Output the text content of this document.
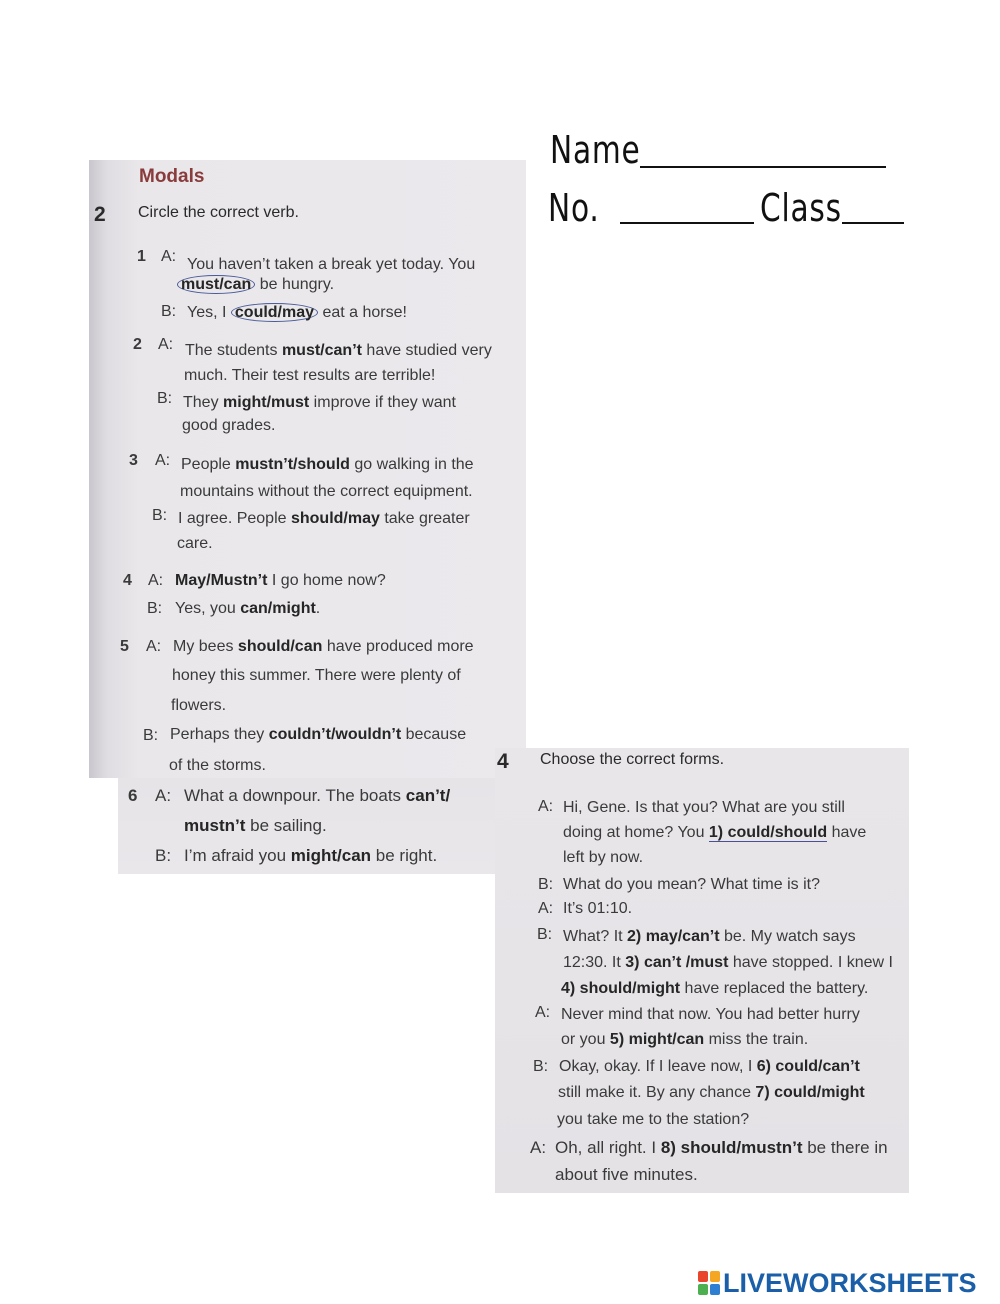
Name
No.	Class
Modals
2 Circle the correct verb.
1 A: You haven’t taken a break yet today. You
must/can be hungry.
B: Yes, I could/may eat a horse!
2 A: The students must/can’t have studied very
much. Their test results are terrible!
B: They might/must improve if they want
good grades.
3 A: People mustn’t/should go walking in the
mountains without the correct equipment.
B: I agree. People should/may take greater
care.
4 A: May/Mustn’t I go home now?
B: Yes, you can/might.
5 A: My bees should/can have produced more
honey this summer. There were plenty of
flowers.
B: Perhaps they couldn’t/wouldn’t because
of the storms.
6 A: What a downpour. The boats can’t/
mustn’t be sailing.
B: I’m afraid you might/can be right.
4 Choose the correct forms.
A: Hi, Gene. Is that you? What are you still
doing at home? You 1) could/should have
left by now.
B: What do you mean? What time is it?
A: It’s 01:10.
B: What? It 2) may/can’t be. My watch says
12:30. It 3) can’t /must have stopped. I knew I
4) should/might have replaced the battery.
A: Never mind that now. You had better hurry
or you 5) might/can miss the train.
B: Okay, okay. If I leave now, I 6) could/can’t
still make it. By any chance 7) could/might
you take me to the station?
A: Oh, all right. I 8) should/mustn’t be there in
about five minutes.
LIVEWORKSHEETS
